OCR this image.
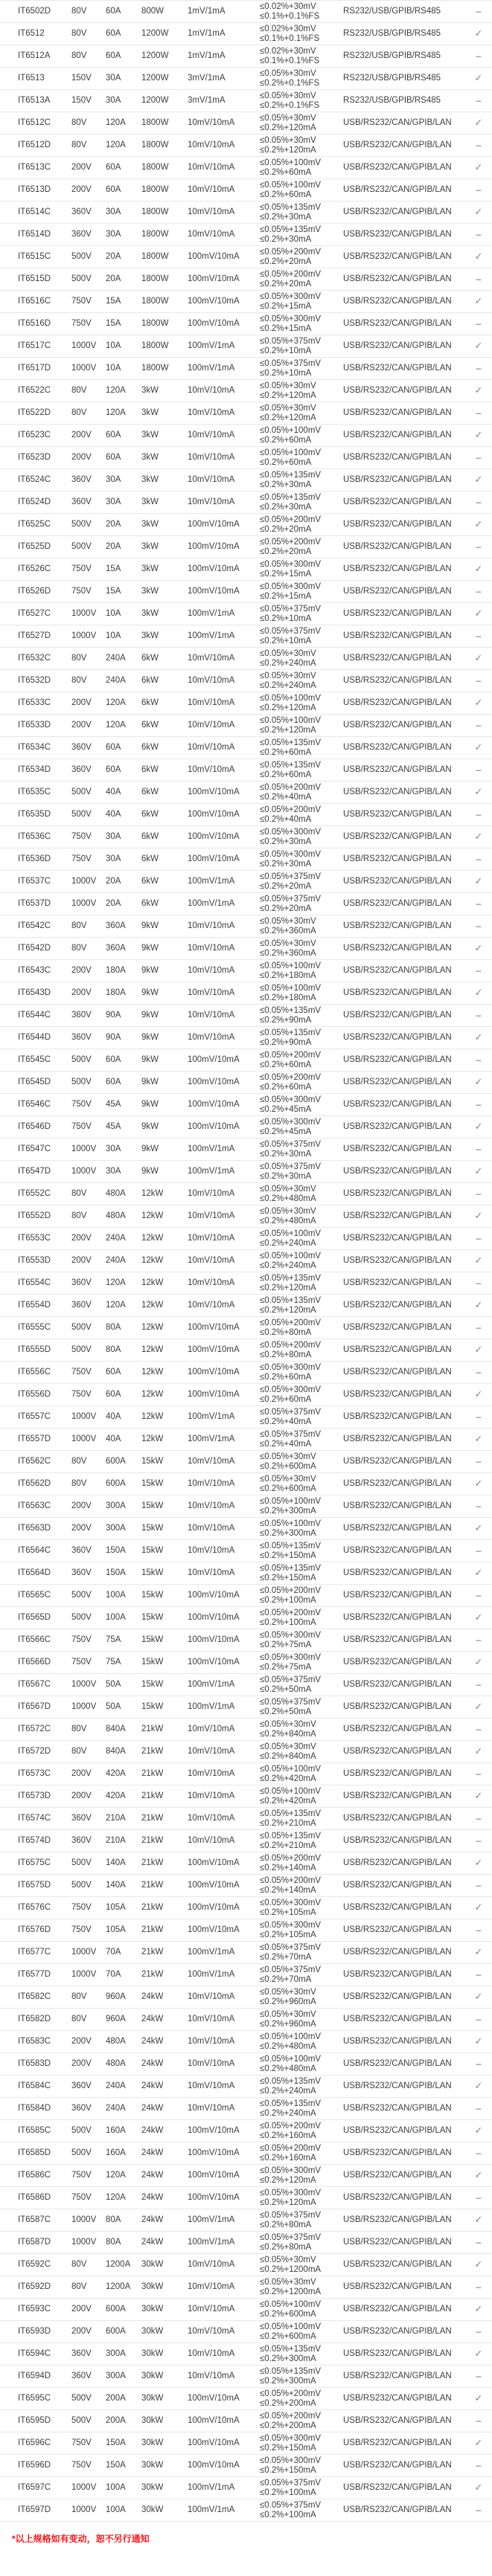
IT6502D	80V	60A	800W	1mV/1mA
≤0.02%+30mV
≤0.1%+0.1%FS
RS232/USB/GPIB/RS485	–
IT6512	80V	60A	1200W	1mV/1mA
≤0.02%+30mV
≤0.1%+0.1%FS
RS232/USB/GPIB/RS485	✓
IT6512A	80V	60A	1200W	1mV/1mA
≤0.02%+30mV
≤0.1%+0.1%FS
RS232/USB/GPIB/RS485	–
IT6513	150V	30A	1200W	3mV/1mA
≤0.05%+30mV
≤0.2%+0.1%FS
RS232/USB/GPIB/RS485	✓
IT6513A	150V	30A	1200W	3mV/1mA
≤0.05%+30mV
≤0.2%+0.1%FS
RS232/USB/GPIB/RS485	–
IT6512C	80V	120A	1800W	10mV/10mA
≤0.05%+30mV
≤0.2%+120mA
USB/RS232/CAN/GPIB/LAN	✓
IT6512D	80V	120A	1800W	10mV/10mA
≤0.05%+30mV
≤0.2%+120mA
USB/RS232/CAN/GPIB/LAN	–
IT6513C	200V	60A	1800W	10mV/10mA
≤0.05%+100mV
≤0.2%+60mA
USB/RS232/CAN/GPIB/LAN	✓
IT6513D	200V	60A	1800W	10mV/10mA
≤0.05%+100mV
≤0.2%+60mA
USB/RS232/CAN/GPIB/LAN	–
IT6514C	360V	30A	1800W	10mV/10mA
≤0.05%+135mV
≤0.2%+30mA
USB/RS232/CAN/GPIB/LAN	✓
IT6514D	360V	30A	1800W	10mV/10mA
≤0.05%+135mV
≤0.2%+30mA
USB/RS232/CAN/GPIB/LAN	–
IT6515C	500V	20A	1800W	100mV/10mA
≤0.05%+200mV
≤0.2%+20mA
USB/RS232/CAN/GPIB/LAN	✓
IT6515D	500V	20A	1800W	100mV/10mA
≤0.05%+200mV
≤0.2%+20mA
USB/RS232/CAN/GPIB/LAN	–
IT6516C	750V	15A	1800W	100mV/10mA
≤0.05%+300mV
≤0.2%+15mA
USB/RS232/CAN/GPIB/LAN	✓
IT6516D	750V	15A	1800W	100mV/10mA
≤0.05%+300mV
≤0.2%+15mA
USB/RS232/CAN/GPIB/LAN	–
IT6517C	1000V	10A	1800W	100mV/1mA
≤0.05%+375mV
≤0.2%+10mA
USB/RS232/CAN/GPIB/LAN	✓
IT6517D	1000V	10A	1800W	100mV/1mA
≤0.05%+375mV
≤0.2%+10mA
USB/RS232/CAN/GPIB/LAN	–
IT6522C	80V	120A	3kW	10mV/10mA
≤0.05%+30mV
≤0.2%+120mA
USB/RS232/CAN/GPIB/LAN	✓
IT6522D	80V	120A	3kW	10mV/10mA
≤0.05%+30mV
≤0.2%+120mA
USB/RS232/CAN/GPIB/LAN	–
IT6523C	200V	60A	3kW	10mV/10mA
≤0.05%+100mV
≤0.2%+60mA
USB/RS232/CAN/GPIB/LAN	✓
IT6523D	200V	60A	3kW	10mV/10mA
≤0.05%+100mV
≤0.2%+60mA
USB/RS232/CAN/GPIB/LAN	–
IT6524C	360V	30A	3kW	10mV/10mA
≤0.05%+135mV
≤0.2%+30mA
USB/RS232/CAN/GPIB/LAN	✓
IT6524D	360V	30A	3kW	10mV/10mA
≤0.05%+135mV
≤0.2%+30mA
USB/RS232/CAN/GPIB/LAN	–
IT6525C	500V	20A	3kW	100mV/10mA
≤0.05%+200mV
≤0.2%+20mA
USB/RS232/CAN/GPIB/LAN	✓
IT6525D	500V	20A	3kW	100mV/10mA
≤0.05%+200mV
≤0.2%+20mA
USB/RS232/CAN/GPIB/LAN	–
IT6526C	750V	15A	3kW	100mV/10mA
≤0.05%+300mV
≤0.2%+15mA
USB/RS232/CAN/GPIB/LAN	✓
IT6526D	750V	15A	3kW	100mV/10mA
≤0.05%+300mV
≤0.2%+15mA
USB/RS232/CAN/GPIB/LAN	–
IT6527C	1000V	10A	3kW	100mV/1mA
≤0.05%+375mV
≤0.2%+10mA
USB/RS232/CAN/GPIB/LAN	✓
IT6527D	1000V	10A	3kW	100mV/1mA
≤0.05%+375mV
≤0.2%+10mA
USB/RS232/CAN/GPIB/LAN	–
IT6532C	80V	240A	6kW	10mV/10mA
≤0.05%+30mV
≤0.2%+240mA
USB/RS232/CAN/GPIB/LAN	✓
IT6532D	80V	240A	6kW	10mV/10mA
≤0.05%+30mV
≤0.2%+240mA
USB/RS232/CAN/GPIB/LAN	–
IT6533C	200V	120A	6kW	10mV/10mA
≤0.05%+100mV
≤0.2%+120mA
USB/RS232/CAN/GPIB/LAN	✓
IT6533D	200V	120A	6kW	10mV/10mA
≤0.05%+100mV
≤0.2%+120mA
USB/RS232/CAN/GPIB/LAN	–
IT6534C	360V	60A	6kW	10mV/10mA
≤0.05%+135mV
≤0.2%+60mA
USB/RS232/CAN/GPIB/LAN	✓
IT6534D	360V	60A	6kW	10mV/10mA
≤0.05%+135mV
≤0.2%+60mA
USB/RS232/CAN/GPIB/LAN	–
IT6535C	500V	40A	6kW	100mV/10mA
≤0.05%+200mV
≤0.2%+40mA
USB/RS232/CAN/GPIB/LAN	✓
IT6535D	500V	40A	6kW	100mV/10mA
≤0.05%+200mV
≤0.2%+40mA
USB/RS232/CAN/GPIB/LAN	–
IT6536C	750V	30A	6kW	100mV/10mA
≤0.05%+300mV
≤0.2%+30mA
USB/RS232/CAN/GPIB/LAN	✓
IT6536D	750V	30A	6kW	100mV/10mA
≤0.05%+300mV
≤0.2%+30mA
USB/RS232/CAN/GPIB/LAN	–
IT6537C	1000V	20A	6kW	100mV/1mA
≤0.05%+375mV
≤0.2%+20mA
USB/RS232/CAN/GPIB/LAN	✓
IT6537D	1000V	20A	6kW	100mV/1mA
≤0.05%+375mV
≤0.2%+20mA
USB/RS232/CAN/GPIB/LAN	–
IT6542C	80V	360A	9kW	10mV/10mA
≤0.05%+30mV
≤0.2%+360mA
USB/RS232/CAN/GPIB/LAN	–
IT6542D	80V	360A	9kW	10mV/10mA
≤0.05%+30mV
≤0.2%+360mA
USB/RS232/CAN/GPIB/LAN	✓
IT6543C	200V	180A	9kW	10mV/10mA
≤0.05%+100mV
≤0.2%+180mA
USB/RS232/CAN/GPIB/LAN	–
IT6543D	200V	180A	9kW	10mV/10mA
≤0.05%+100mV
≤0.2%+180mA
USB/RS232/CAN/GPIB/LAN	✓
IT6544C	360V	90A	9kW	10mV/10mA
≤0.05%+135mV
≤0.2%+90mA
USB/RS232/CAN/GPIB/LAN	–
IT6544D	360V	90A	9kW	10mV/10mA
≤0.05%+135mV
≤0.2%+90mA
USB/RS232/CAN/GPIB/LAN	✓
IT6545C	500V	60A	9kW	100mV/10mA
≤0.05%+200mV
≤0.2%+60mA
USB/RS232/CAN/GPIB/LAN	–
IT6545D	500V	60A	9kW	100mV/10mA
≤0.05%+200mV
≤0.2%+60mA
USB/RS232/CAN/GPIB/LAN	✓
IT6546C	750V	45A	9kW	100mV/10mA
≤0.05%+300mV
≤0.2%+45mA
USB/RS232/CAN/GPIB/LAN	–
IT6546D	750V	45A	9kW	100mV/10mA
≤0.05%+300mV
≤0.2%+45mA
USB/RS232/CAN/GPIB/LAN	✓
IT6547C	1000V	30A	9kW	100mV/1mA
≤0.05%+375mV
≤0.2%+30mA
USB/RS232/CAN/GPIB/LAN	–
IT6547D	1000V	30A	9kW	100mV/1mA
≤0.05%+375mV
≤0.2%+30mA
USB/RS232/CAN/GPIB/LAN	✓
IT6552C	80V	480A	12kW	10mV/10mA
≤0.05%+30mV
≤0.2%+480mA
USB/RS232/CAN/GPIB/LAN	–
IT6552D	80V	480A	12kW	10mV/10mA
≤0.05%+30mV
≤0.2%+480mA
USB/RS232/CAN/GPIB/LAN	✓
IT6553C	200V	240A	12kW	10mV/10mA
≤0.05%+100mV
≤0.2%+240mA
USB/RS232/CAN/GPIB/LAN	–
IT6553D	200V	240A	12kW	10mV/10mA
≤0.05%+100mV
≤0.2%+240mA
USB/RS232/CAN/GPIB/LAN	✓
IT6554C	360V	120A	12kW	10mV/10mA
≤0.05%+135mV
≤0.2%+120mA
USB/RS232/CAN/GPIB/LAN	–
IT6554D	360V	120A	12kW	10mV/10mA
≤0.05%+135mV
≤0.2%+120mA
USB/RS232/CAN/GPIB/LAN	✓
IT6555C	500V	80A	12kW	100mV/10mA
≤0.05%+200mV
≤0.2%+80mA
USB/RS232/CAN/GPIB/LAN	–
IT6555D	500V	80A	12kW	100mV/10mA
≤0.05%+200mV
≤0.2%+80mA
USB/RS232/CAN/GPIB/LAN	✓
IT6556C	750V	60A	12kW	100mV/10mA
≤0.05%+300mV
≤0.2%+60mA
USB/RS232/CAN/GPIB/LAN	–
IT6556D	750V	60A	12kW	100mV/10mA
≤0.05%+300mV
≤0.2%+60mA
USB/RS232/CAN/GPIB/LAN	✓
IT6557C	1000V	40A	12kW	100mV/1mA
≤0.05%+375mV
≤0.2%+40mA
USB/RS232/CAN/GPIB/LAN	–
IT6557D	1000V	40A	12kW	100mV/1mA
≤0.05%+375mV
≤0.2%+40mA
USB/RS232/CAN/GPIB/LAN	✓
IT6562C	80V	600A	15kW	10mV/10mA
≤0.05%+30mV
≤0.2%+600mA
USB/RS232/CAN/GPIB/LAN	–
IT6562D	80V	600A	15kW	10mV/10mA
≤0.05%+30mV
≤0.2%+600mA
USB/RS232/CAN/GPIB/LAN	✓
IT6563C	200V	300A	15kW	10mV/10mA
≤0.05%+100mV
≤0.2%+300mA
USB/RS232/CAN/GPIB/LAN	–
IT6563D	200V	300A	15kW	10mV/10mA
≤0.05%+100mV
≤0.2%+300mA
USB/RS232/CAN/GPIB/LAN	✓
IT6564C	360V	150A	15kW	10mV/10mA
≤0.05%+135mV
≤0.2%+150mA
USB/RS232/CAN/GPIB/LAN	–
IT6564D	360V	150A	15kW	10mV/10mA
≤0.05%+135mV
≤0.2%+150mA
USB/RS232/CAN/GPIB/LAN	✓
IT6565C	500V	100A	15kW	100mV/10mA
≤0.05%+200mV
≤0.2%+100mA
USB/RS232/CAN/GPIB/LAN	–
IT6565D	500V	100A	15kW	100mV/10mA
≤0.05%+200mV
≤0.2%+100mA
USB/RS232/CAN/GPIB/LAN	✓
IT6566C	750V	75A	15kW	100mV/10mA
≤0.05%+300mV
≤0.2%+75mA
USB/RS232/CAN/GPIB/LAN	–
IT6566D	750V	75A	15kW	100mV/10mA
≤0.05%+300mV
≤0.2%+75mA
USB/RS232/CAN/GPIB/LAN	✓
IT6567C	1000V	50A	15kW	100mV/1mA
≤0.05%+375mV
≤0.2%+50mA
USB/RS232/CAN/GPIB/LAN	–
IT6567D	1000V	50A	15kW	100mV/1mA
≤0.05%+375mV
≤0.2%+50mA
USB/RS232/CAN/GPIB/LAN	✓
IT6572C	80V	840A	21kW	10mV/10mA
≤0.05%+30mV
≤0.2%+840mA
USB/RS232/CAN/GPIB/LAN	–
IT6572D	80V	840A	21kW	10mV/10mA
≤0.05%+30mV
≤0.2%+840mA
USB/RS232/CAN/GPIB/LAN	✓
IT6573C	200V	420A	21kW	10mV/10mA
≤0.05%+100mV
≤0.2%+420mA
USB/RS232/CAN/GPIB/LAN	–
IT6573D	200V	420A	21kW	10mV/10mA
≤0.05%+100mV
≤0.2%+420mA
USB/RS232/CAN/GPIB/LAN	✓
IT6574C	360V	210A	21kW	10mV/10mA
≤0.05%+135mV
≤0.2%+210mA
USB/RS232/CAN/GPIB/LAN	–
IT6574D	360V	210A	21kW	10mV/10mA
≤0.05%+135mV
≤0.2%+210mA
USB/RS232/CAN/GPIB/LAN	–
IT6575C	500V	140A	21kW	100mV/10mA
≤0.05%+200mV
≤0.2%+140mA
USB/RS232/CAN/GPIB/LAN	✓
IT6575D	500V	140A	21kW	100mV/10mA
≤0.05%+200mV
≤0.2%+140mA
USB/RS232/CAN/GPIB/LAN	–
IT6576C	750V	105A	21kW	100mV/10mA
≤0.05%+300mV
≤0.2%+105mA
USB/RS232/CAN/GPIB/LAN	✓
IT6576D	750V	105A	21kW	100mV/10mA
≤0.05%+300mV
≤0.2%+105mA
USB/RS232/CAN/GPIB/LAN	–
IT6577C	1000V	70A	21kW	100mV/1mA
≤0.05%+375mV
≤0.2%+70mA
USB/RS232/CAN/GPIB/LAN	✓
IT6577D	1000V	70A	21kW	100mV/1mA
≤0.05%+375mV
≤0.2%+70mA
USB/RS232/CAN/GPIB/LAN	–
IT6582C	80V	960A	24kW	10mV/10mA
≤0.05%+30mV
≤0.2%+960mA
USB/RS232/CAN/GPIB/LAN	✓
IT6582D	80V	960A	24kW	10mV/10mA
≤0.05%+30mV
≤0.2%+960mA
USB/RS232/CAN/GPIB/LAN	–
IT6583C	200V	480A	24kW	10mV/10mA
≤0.05%+100mV
≤0.2%+480mA
USB/RS232/CAN/GPIB/LAN	✓
IT6583D	200V	480A	24kW	10mV/10mA
≤0.05%+100mV
≤0.2%+480mA
USB/RS232/CAN/GPIB/LAN	–
IT6584C	360V	240A	24kW	10mV/10mA
≤0.05%+135mV
≤0.2%+240mA
USB/RS232/CAN/GPIB/LAN	✓
IT6584D	360V	240A	24kW	10mV/10mA
≤0.05%+135mV
≤0.2%+240mA
USB/RS232/CAN/GPIB/LAN	–
IT6585C	500V	160A	24kW	100mV/10mA
≤0.05%+200mV
≤0.2%+160mA
USB/RS232/CAN/GPIB/LAN	✓
IT6585D	500V	160A	24kW	100mV/10mA
≤0.05%+200mV
≤0.2%+160mA
USB/RS232/CAN/GPIB/LAN	–
IT6586C	750V	120A	24kW	100mV/10mA
≤0.05%+300mV
≤0.2%+120mA
USB/RS232/CAN/GPIB/LAN	✓
IT6586D	750V	120A	24kW	100mV/10mA
≤0.05%+300mV
≤0.2%+120mA
USB/RS232/CAN/GPIB/LAN	–
IT6587C	1000V	80A	24kW	100mV/1mA
≤0.05%+375mV
≤0.2%+80mA
USB/RS232/CAN/GPIB/LAN	✓
IT6587D	1000V	80A	24kW	100mV/1mA
≤0.05%+375mV
≤0.2%+80mA
USB/RS232/CAN/GPIB/LAN	–
IT6592C	80V	1200A	30kW	10mV/10mA
≤0.05%+30mV
≤0.2%+1200mA
USB/RS232/CAN/GPIB/LAN	✓
IT6592D	80V	1200A	30kW	10mV/10mA
≤0.05%+30mV
≤0.2%+1200mA
USB/RS232/CAN/GPIB/LAN	–
IT6593C	200V	600A	30kW	10mV/10mA
≤0.05%+100mV
≤0.2%+600mA
USB/RS232/CAN/GPIB/LAN	✓
IT6593D	200V	600A	30kW	10mV/10mA
≤0.05%+100mV
≤0.2%+600mA
USB/RS232/CAN/GPIB/LAN	–
IT6594C	360V	300A	30kW	10mV/10mA
≤0.05%+135mV
≤0.2%+300mA
USB/RS232/CAN/GPIB/LAN	✓
IT6594D	360V	300A	30kW	10mV/10mA
≤0.05%+135mV
≤0.2%+300mA
USB/RS232/CAN/GPIB/LAN	–
IT6595C	500V	200A	30kW	100mV/10mA
≤0.05%+200mV
≤0.2%+200mA
USB/RS232/CAN/GPIB/LAN	✓
IT6595D	500V	200A	30kW	100mV/10mA
≤0.05%+200mV
≤0.2%+200mA
USB/RS232/CAN/GPIB/LAN	–
IT6596C	750V	150A	30kW	100mV/10mA
≤0.05%+300mV
≤0.2%+150mA
USB/RS232/CAN/GPIB/LAN	✓
IT6596D	750V	150A	30kW	100mV/10mA
≤0.05%+300mV
≤0.2%+150mA
USB/RS232/CAN/GPIB/LAN	–
IT6597C	1000V	100A	30kW	100mV/1mA
≤0.05%+375mV
≤0.2%+100mA
USB/RS232/CAN/GPIB/LAN	✓
IT6597D	1000V	100A	30kW	100mV/1mA
≤0.05%+375mV
≤0.2%+100mA
USB/RS232/CAN/GPIB/LAN	–
*以上规格如有变动，恕不另行通知
